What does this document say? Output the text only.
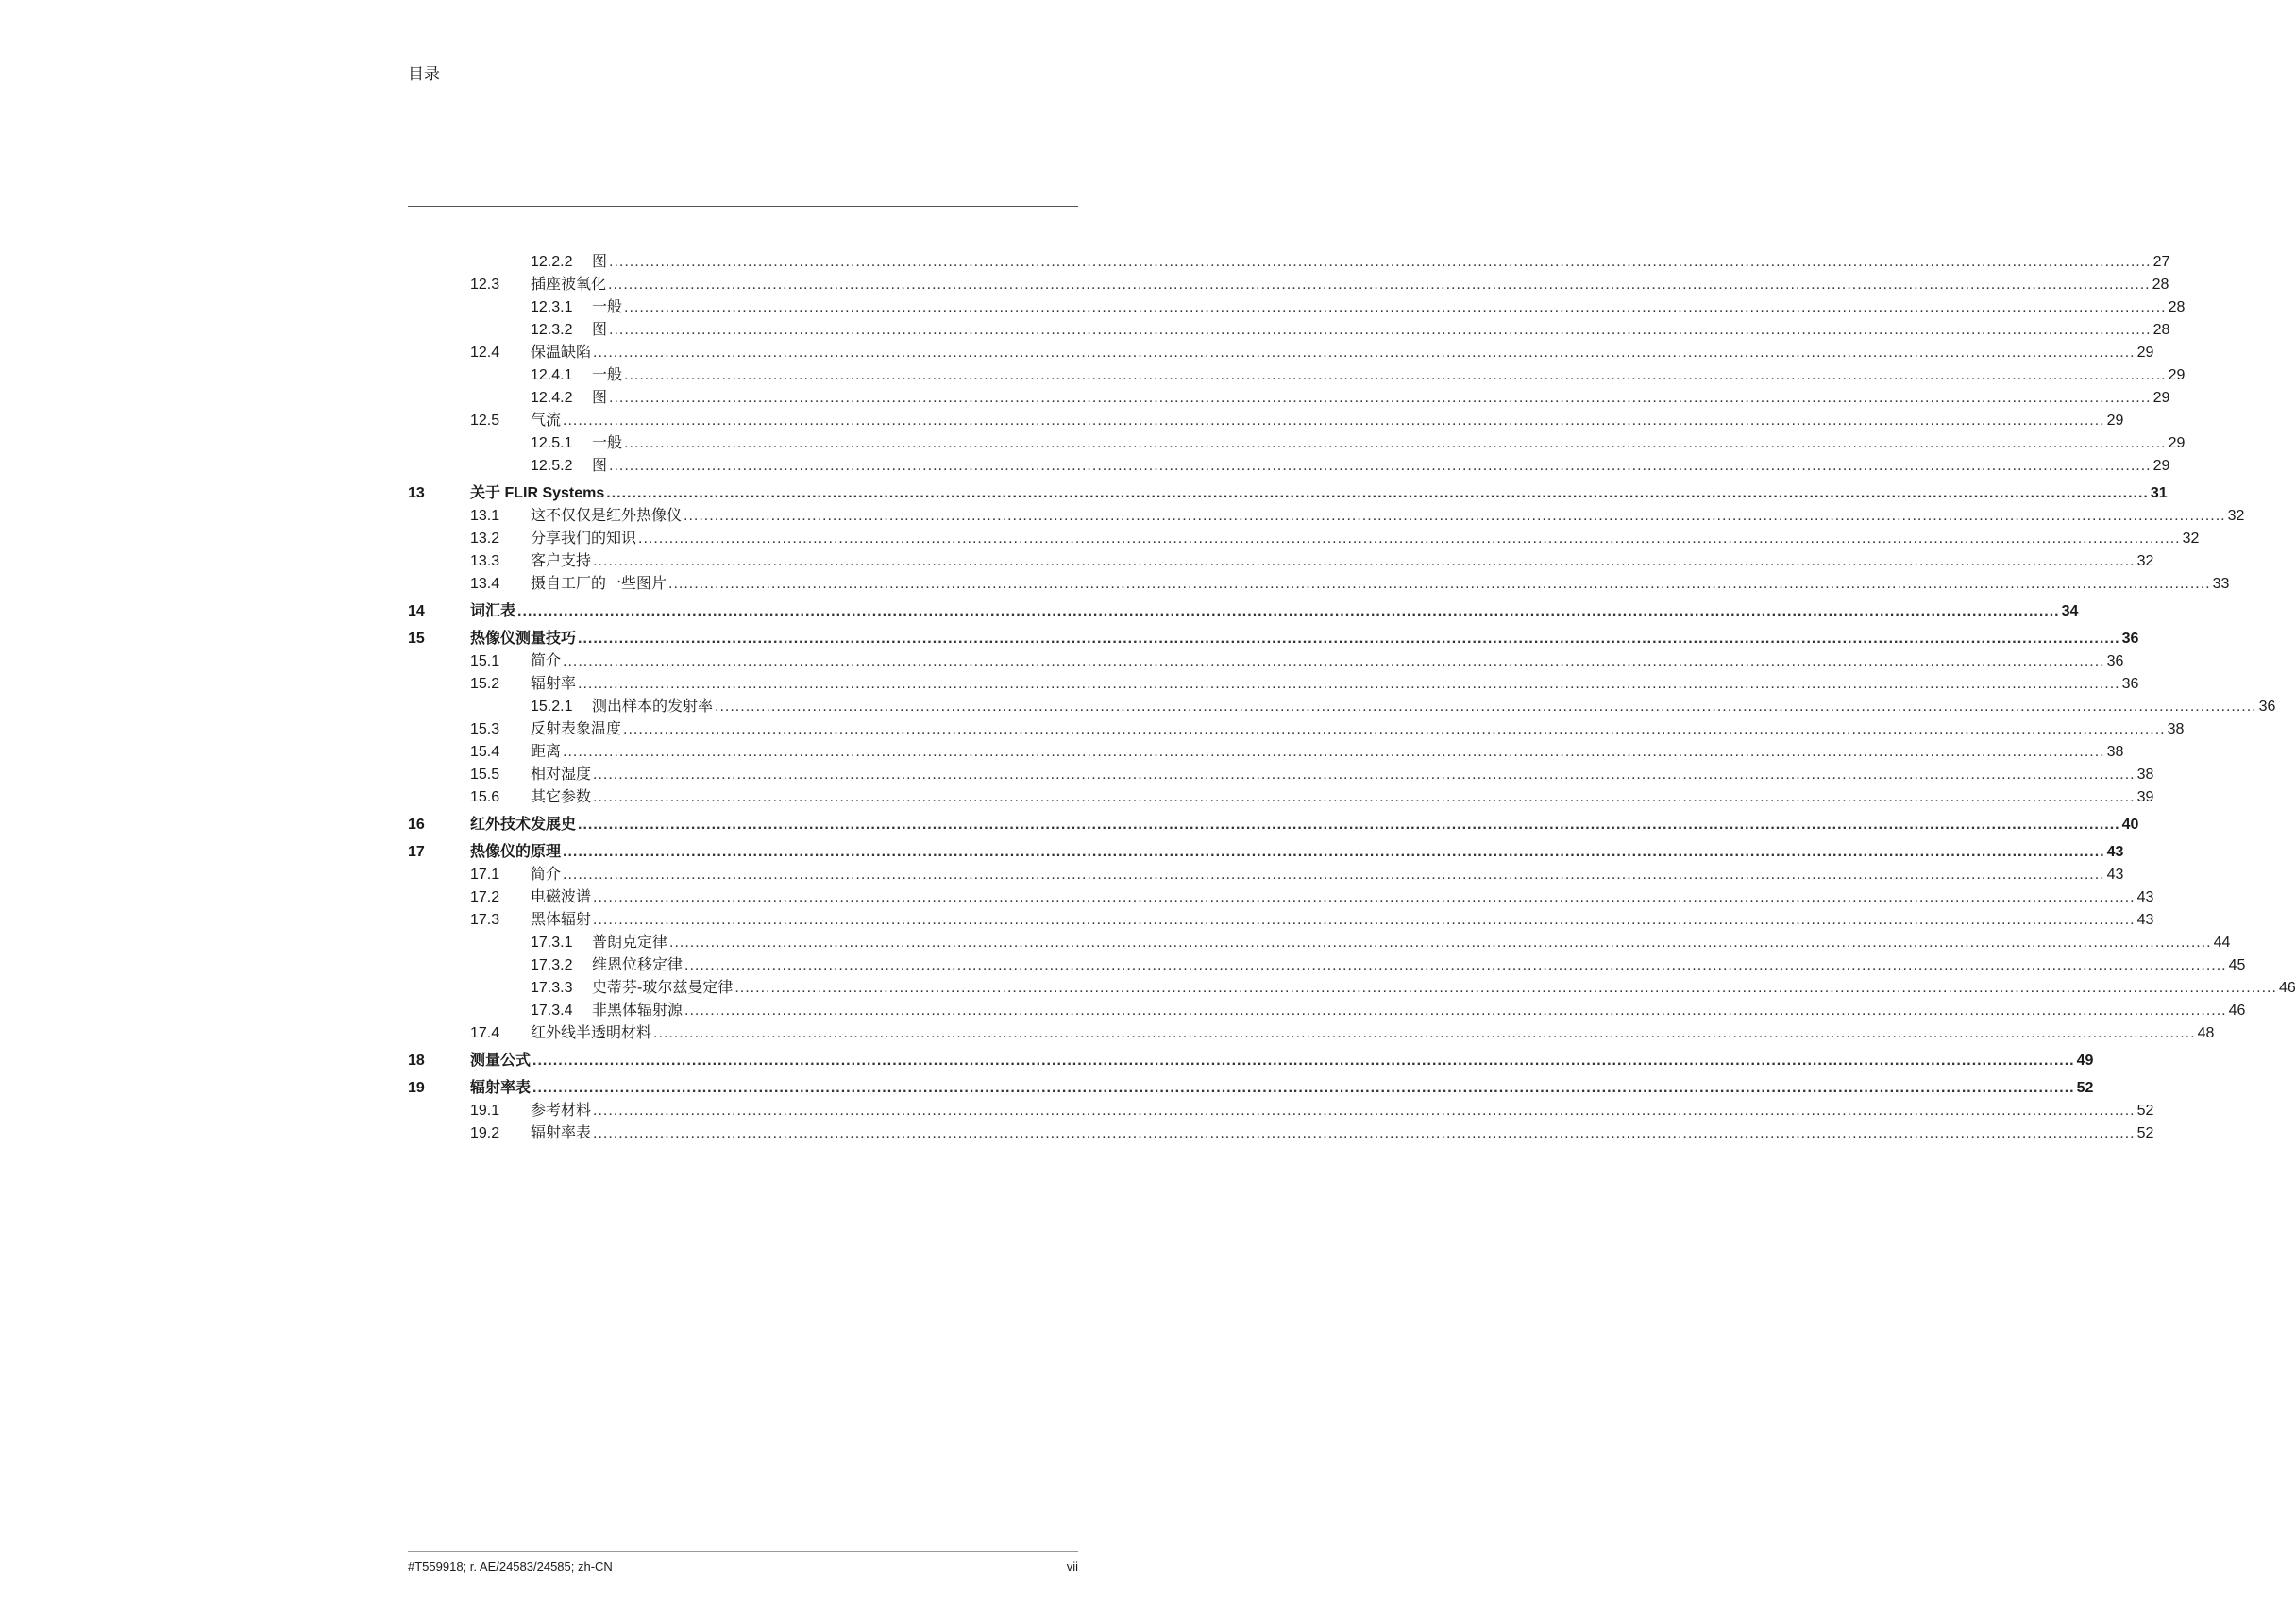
目录
12.2.2 图 ............................................................................................................................................................................................................................................................................................................ 27
12.3 插座被氧化 ............................................................................................................................................................................................................................................................................................................ 28
12.3.1 一般 ............................................................................................................................................................................................................................................................................................................ 28
12.3.2 图 ............................................................................................................................................................................................................................................................................................................ 28
12.4 保温缺陷 ............................................................................................................................................................................................................................................................................................................ 29
12.4.1 一般 ............................................................................................................................................................................................................................................................................................................ 29
12.4.2 图 ............................................................................................................................................................................................................................................................................................................ 29
12.5 气流 ............................................................................................................................................................................................................................................................................................................ 29
12.5.1 一般 ............................................................................................................................................................................................................................................................................................................ 29
12.5.2 图 ............................................................................................................................................................................................................................................................................................................ 29
13	关于 FLIR Systems ............................................................................................................................................................................................................................................................................................................ 31
13.1 这不仅仅是红外热像仪 ............................................................................................................................................................................................................................................................................................................ 32
13.2 分享我们的知识 ............................................................................................................................................................................................................................................................................................................ 32
13.3 客户支持 ............................................................................................................................................................................................................................................................................................................ 32
13.4 摄自工厂的一些图片 ............................................................................................................................................................................................................................................................................................................ 33
14	词汇表 ............................................................................................................................................................................................................................................................................................................ 34
15	热像仪测量技巧 ............................................................................................................................................................................................................................................................................................................ 36
15.1 简介 ............................................................................................................................................................................................................................................................................................................ 36
15.2 辐射率 ............................................................................................................................................................................................................................................................................................................ 36
15.2.1 测出样本的发射率 ............................................................................................................................................................................................................................................................................................................ 36
15.3 反射表象温度 ............................................................................................................................................................................................................................................................................................................ 38
15.4 距离 ............................................................................................................................................................................................................................................................................................................ 38
15.5 相对湿度 ............................................................................................................................................................................................................................................................................................................ 38
15.6 其它参数 ............................................................................................................................................................................................................................................................................................................ 39
16	红外技术发展史 ............................................................................................................................................................................................................................................................................................................ 40
17	热像仪的原理 ............................................................................................................................................................................................................................................................................................................ 43
17.1 简介 ............................................................................................................................................................................................................................................................................................................ 43
17.2 电磁波谱 ............................................................................................................................................................................................................................................................................................................ 43
17.3 黑体辐射 ............................................................................................................................................................................................................................................................................................................ 43
17.3.1 普朗克定律 ............................................................................................................................................................................................................................................................................................................ 44
17.3.2 维恩位移定律 ............................................................................................................................................................................................................................................................................................................ 45
17.3.3 史蒂芬-玻尔兹曼定律 ............................................................................................................................................................................................................................................................................................................ 46
17.3.4 非黑体辐射源 ............................................................................................................................................................................................................................................................................................................ 46
17.4 红外线半透明材料 ............................................................................................................................................................................................................................................................................................................ 48
18	测量公式 ............................................................................................................................................................................................................................................................................................................ 49
19	辐射率表 ............................................................................................................................................................................................................................................................................................................ 52
19.1 参考材料 ............................................................................................................................................................................................................................................................................................................ 52
19.2 辐射率表 ............................................................................................................................................................................................................................................................................................................ 52
#T559918; r. AE/24583/24585; zh-CN	vii
